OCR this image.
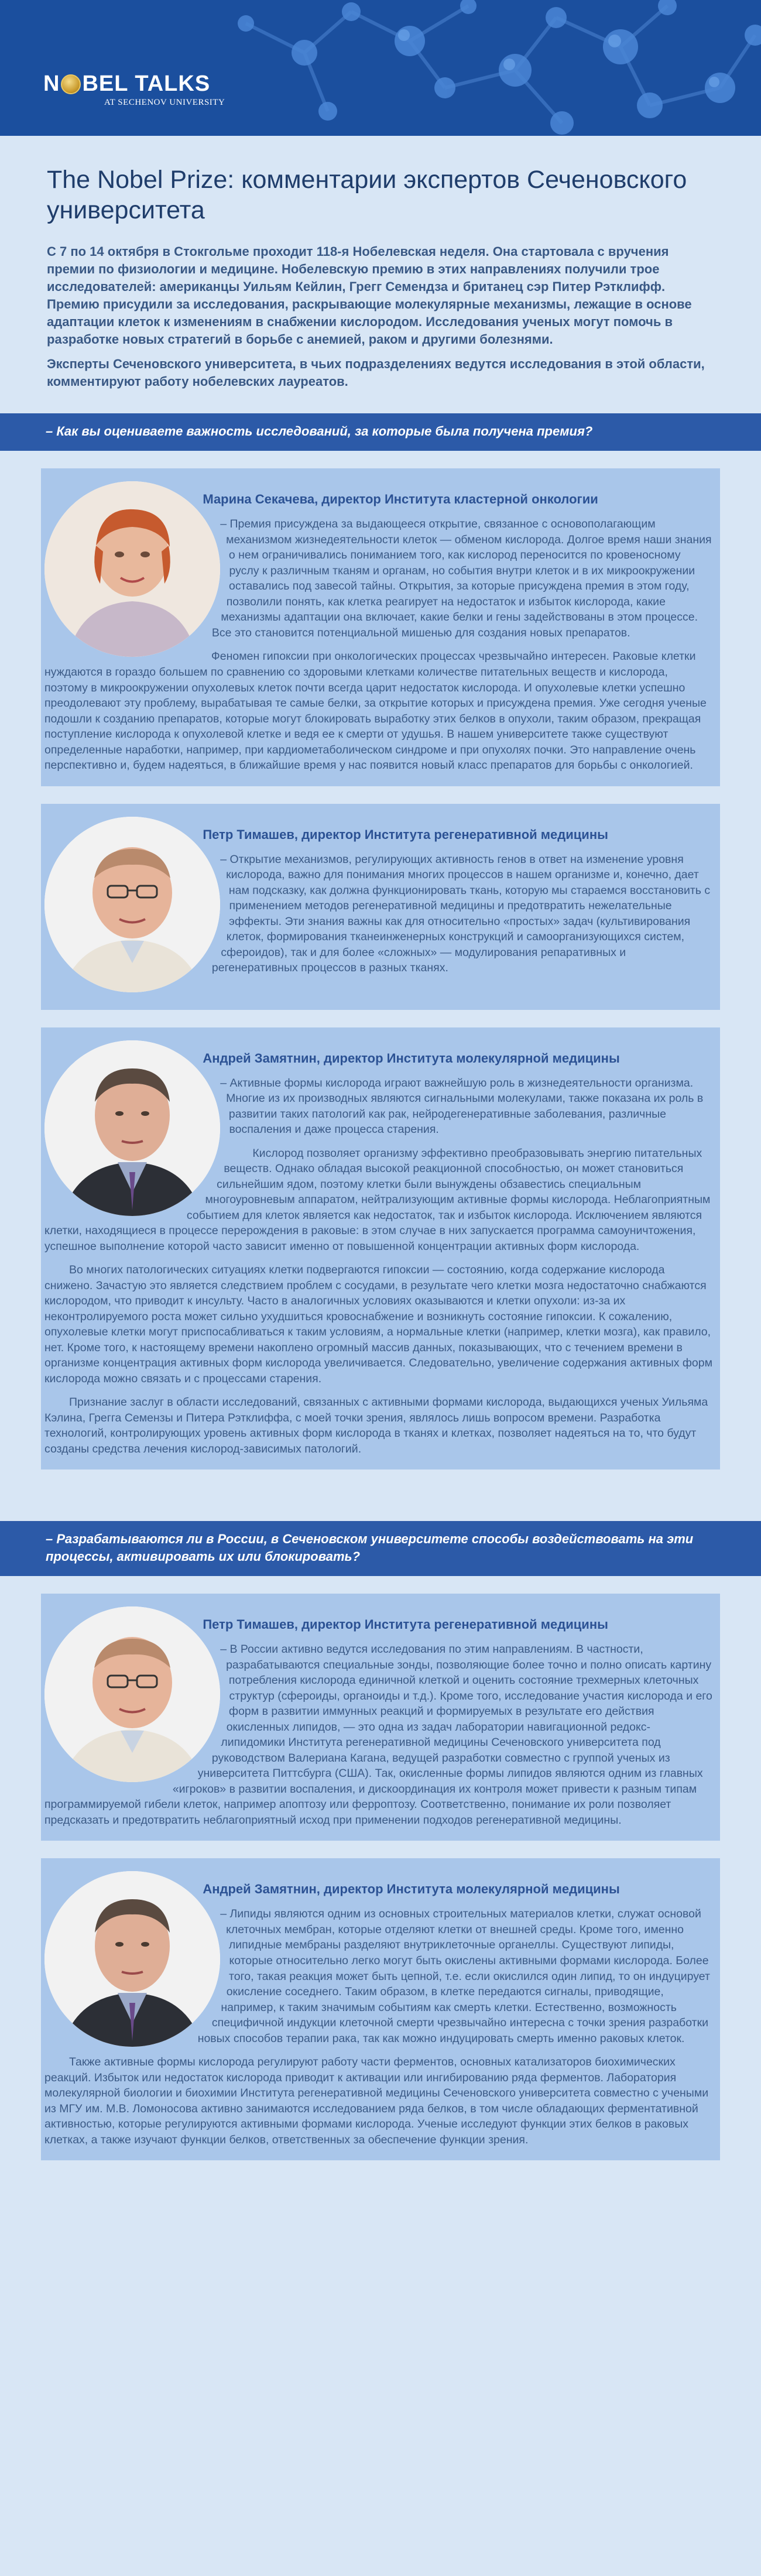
N BEL TALKS
AT SECHENOV UNIVERSITY
The Nobel Prize: комментарии экспертов Сеченовского университета

С 7 по 14 октября в Стокгольме проходит 118-я Нобелевская неделя. Она стартовала с вручения премии по физиологии и медицине. Нобелевскую премию в этих направлениях получили трое исследователей: американцы Уильям Кейлин, Грегг Семендза и британец сэр Питер Рэтклифф. Премию присудили за исследования, раскрывающие молекулярные механизмы, лежащие в основе адаптации клеток к изменениям в снабжении кислородом. Исследования ученых могут помочь в разработке новых стратегий в борьбе с анемией, раком и другими болезнями.

Эксперты Сеченовского университета, в чьих подразделениях ведутся исследования в этой области, комментируют работу нобелевских лауреатов.

– Как вы оцениваете важность исследований, за которые была получена премия?
Марина Секачева, директор Института кластерной онкологии

– Премия присуждена за выдающееся открытие, связанное с основополагающим механизмом жизнедеятельности клеток — обменом кислорода. Долгое время наши знания о нем ограничивались пониманием того, как кислород переносится по кровеносному руслу к различным тканям и органам, но события внутри клеток и в их микроокружении оставались под завесой тайны. Открытия, за которые присуждена премия в этом году, позволили понять, как клетка реагирует на недостаток и избыток кислорода, какие механизмы адаптации она включает, какие белки и гены задействованы в этом процессе. Все это становится потенциальной мишенью для создания новых препаратов.

Феномен гипоксии при онкологических процессах чрезвычайно интересен. Раковые клетки нуждаются в гораздо большем по сравнению со здоровыми клетками количестве питательных веществ и кислорода, поэтому в микроокружении опухолевых клеток почти всегда царит недостаток кислорода. И опухолевые клетки успешно преодолевают эту проблему, вырабатывая те самые белки, за открытие которых и присуждена премия. Уже сегодня ученые подошли к созданию препаратов, которые могут блокировать выработку этих белков в опухоли, таким образом, прекращая поступление кислорода к опухолевой клетке и ведя ее к смерти от удушья. В нашем университете также существуют определенные наработки, например, при кардиометаболическом синдроме и при опухолях почки. Это направление очень перспективно и, будем надеяться, в ближайшие время у нас появится новый класс препаратов для борьбы с онкологией.

Петр Тимашев, директор Института регенеративной медицины

– Открытие механизмов, регулирующих активность генов в ответ на изменение уровня кислорода, важно для понимания многих процессов в нашем организме и, конечно, дает нам подсказку, как должна функционировать ткань, которую мы стараемся восстановить с применением методов регенеративной медицины и предотвратить нежелательные эффекты. Эти знания важны как для относительно «простых» задач (культивирования клеток, формирования тканеинженерных конструкций и самоорганизующихся систем, сфероидов), так и для более «сложных» — модулирования репаративных и регенеративных процессов в разных тканях.

Андрей Замятнин, директор Института молекулярной медицины

– Активные формы кислорода играют важнейшую роль в жизнедеятельности организма. Многие из их производных являются сигнальными молекулами, также показана их роль в развитии таких патологий как рак, нейродегенеративные заболевания, различные воспаления и даже процесса старения.

Кислород позволяет организму эффективно преобразовывать энергию питательных веществ. Однако обладая высокой реакционной способностью, он может становиться сильнейшим ядом, поэтому клетки были вынуждены обзавестись специальным многоуровневым аппаратом, нейтрализующим активные формы кислорода. Неблагоприятным событием для клеток является как недостаток, так и избыток кислорода. Исключением являются клетки, находящиеся в процессе перерождения в раковые: в этом случае в них запускается программа самоуничтожения, успешное выполнение которой часто зависит именно от повышенной концентрации активных форм кислорода.

Во многих патологических ситуациях клетки подвергаются гипоксии — состоянию, когда содержание кислорода снижено. Зачастую это является следствием проблем с сосудами, в результате чего клетки мозга недостаточно снабжаются кислородом, что приводит к инсульту. Часто в аналогичных условиях оказываются и клетки опухоли: из-за их неконтролируемого роста может сильно ухудшиться кровоснабжение и возникнуть состояние гипоксии. К сожалению, опухолевые клетки могут приспосабливаться к таким условиям, а нормальные клетки (например, клетки мозга), как правило, нет. Кроме того, к настоящему времени накоплено огромный массив данных, показывающих, что с течением времени в организме концентрация активных форм кислорода увеличивается. Следовательно, увеличение содержания активных форм кислорода можно связать и с процессами старения.

Признание заслуг в области исследований, связанных с активными формами кислорода, выдающихся ученых Уильяма Кэлина, Грегга Семензы и Питера Рэтклиффа, с моей точки зрения, являлось лишь вопросом времени. Разработка технологий, контролирующих уровень активных форм кислорода в тканях и клетках, позволяет надеяться на то, что будут созданы средства лечения кислород-зависимых патологий.

– Разрабатываются ли в России, в Сеченовском университете способы воздействовать на эти процессы, активировать их или блокировать?
Петр Тимашев, директор Института регенеративной медицины

– В России активно ведутся исследования по этим направлениям. В частности, разрабатываются специальные зонды, позволяющие более точно и полно описать картину потребления кислорода единичной клеткой и оценить состояние трехмерных клеточных структур (сфероиды, органоиды и т.д.). Кроме того, исследование участия кислорода и его форм в развитии иммунных реакций и формируемых в результате его действия окисленных липидов, — это одна из задач лаборатории навигационной редокс-липидомики Института регенеративной медицины Сеченовского университета под руководством Валериана Кагана, ведущей разработки совместно с группой ученых из университета Питтсбурга (США). Так, окисленные формы липидов являются одним из главных «игроков» в развитии воспаления, и дискоординация их контроля может привести к разным типам программируемой гибели клеток, например апоптозу или ферроптозу. Соответственно, понимание их роли позволяет предсказать и предотвратить неблагоприятный исход при применении подходов регенеративной медицины.

Андрей Замятнин, директор Института молекулярной медицины

– Липиды являются одним из основных строительных материалов клетки, служат основой клеточных мембран, которые отделяют клетки от внешней среды. Кроме того, именно липидные мембраны разделяют внутриклеточные органеллы. Существуют липиды, которые относительно легко могут быть окислены активными формами кислорода. Более того, такая реакция может быть цепной, т.е. если окислился один липид, то он индуцирует окисление соседнего. Таким образом, в клетке передаются сигналы, приводящие, например, к таким значимым событиям как смерть клетки. Естественно, возможность специфичной индукции клеточной смерти чрезвычайно интересна с точки зрения разработки новых способов терапии рака, так как можно индуцировать смерть именно раковых клеток.

Также активные формы кислорода регулируют работу части ферментов, основных катализаторов биохимических реакций. Избыток или недостаток кислорода приводит к активации или ингибированию ряда ферментов. Лаборатория молекулярной биологии и биохимии Института регенеративной медицины Сеченовского университета совместно с учеными из МГУ им. М.В. Ломоносова активно занимаются исследованием ряда белков, в том числе обладающих ферментативной активностью, которые регулируются активными формами кислорода. Ученые исследуют функции этих белков в раковых клетках, а также изучают функции белков, ответственных за обеспечение функции зрения.
